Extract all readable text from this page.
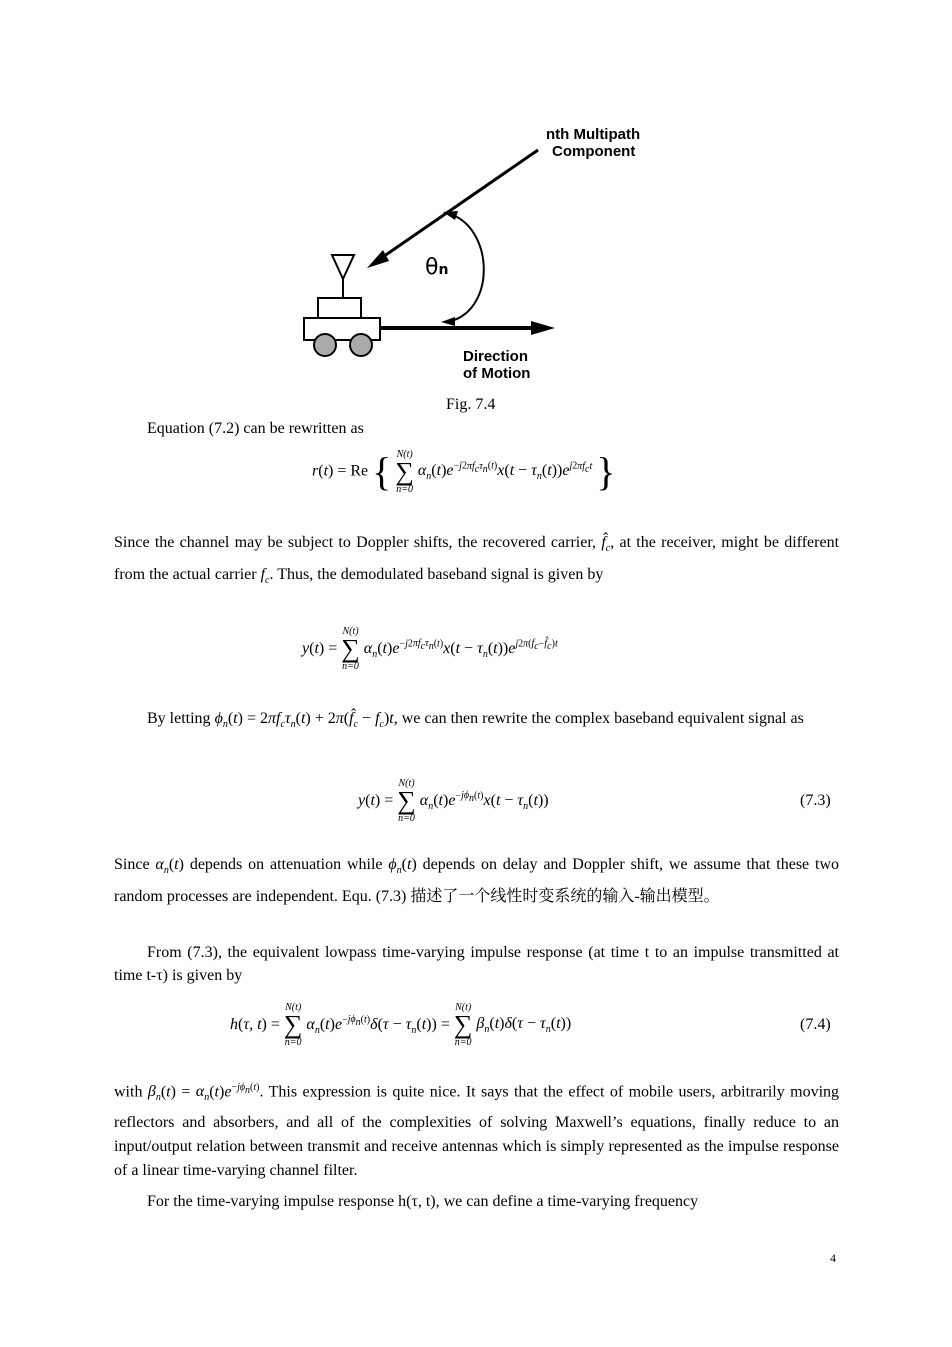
nth Multipath
Component
θn
Direction
of Motion
Fig. 7.4
Equation (7.2) can be rewritten as
r(t) = Re { N(t)
∑
n=0
$\alpha_n(t)e^{-j2\pi f_c\tau_n(t)}x(t - \tau_n(t))e^{j2\pi f_ct}$ }
Since the channel may be subject to Doppler shifts, the recovered carrier, $f̂_c$, at the receiver, might be different from the actual carrier $f_c$. Thus, the demodulated baseband signal is given by
y(t) =
N(t)
∑
n=0
$\alpha_n(t)e^{-j2\pi f_c\tau_n(t)}x(t - \tau_n(t))e^{j2\pi(f_c-f̂_c)t}$
By letting $\phi_n(t) = 2\pi f_c\tau_n(t)$ + $2\pi(f̂_c - f_c)t$, we can then rewrite the complex baseband equivalent signal as
y(t) =
N(t)
∑
n=0
$\alpha_n(t)e^{-j\phi_n(t)}x(t - \tau_n(t))$	(7.3)
Since $\alpha_n(t)$ depends on attenuation while $\phi_n(t)$ depends on delay and Doppler shift, we assume that these two random processes are independent. Equ. (7.3) 描述了一个线性时变系统的输入-输出模型。
From (7.3), the equivalent lowpass time-varying impulse response (at time t to an impulse transmitted at time t-τ) is given by
h(τ, t) =
N(t)
∑
n=0
$\alpha_n(t)e^{-j\phi_n(t)}\delta(\tau - \tau_n(t))$ =
N(t)
∑
n=0
$\beta_n(t)\delta(\tau - \tau_n(t))$	(7.4)
with $\beta_n(t) = \alpha_n(t)e^{-j\phi_n(t)}$. This expression is quite nice. It says that the effect of mobile users, arbitrarily moving reflectors and absorbers, and all of the complexities of solving Maxwell’s equations, finally reduce to an input/output relation between transmit and receive antennas which is simply represented as the impulse response of a linear time-varying channel filter.
For the time-varying impulse response h(τ, t), we can define a time-varying frequency
4
